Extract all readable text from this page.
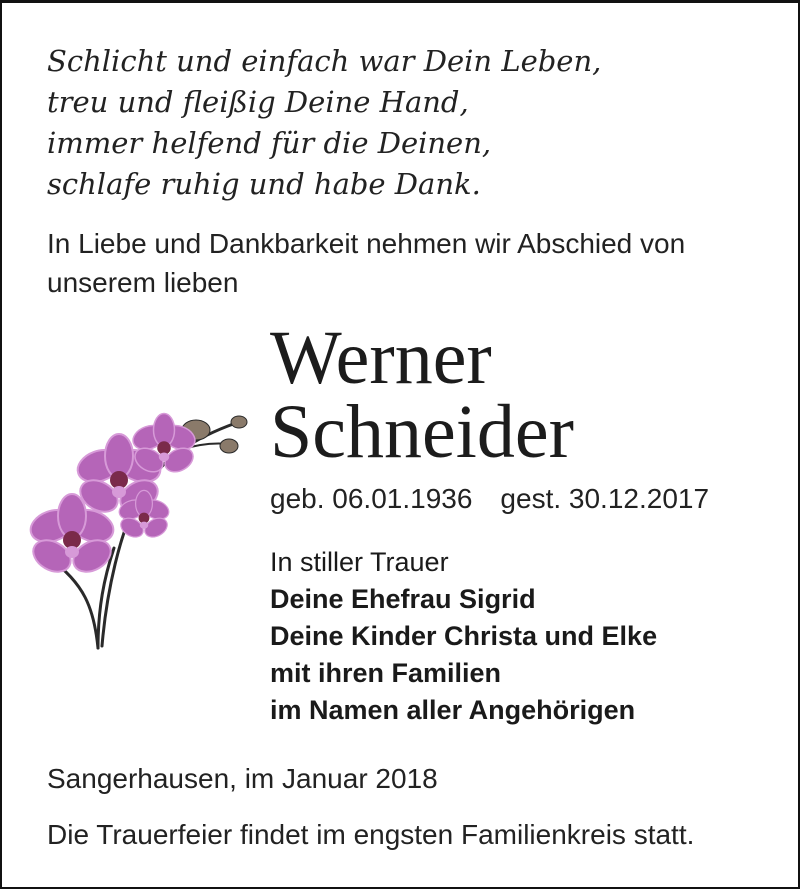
Schlicht und einfach war Dein Leben,
treu und fleißig Deine Hand,
immer helfend für die Deinen,
schlafe ruhig und habe Dank.
In Liebe und Dankbarkeit nehmen wir Abschied von
unserem lieben
Werner
Schneider
geb. 06.01.1936 gest. 30.12.2017
In stiller Trauer
Deine Ehefrau Sigrid
Deine Kinder Christa und Elke
mit ihren Familien
im Namen aller Angehörigen
Sangerhausen, im Januar 2018
Die Trauerfeier findet im engsten Familienkreis statt.
